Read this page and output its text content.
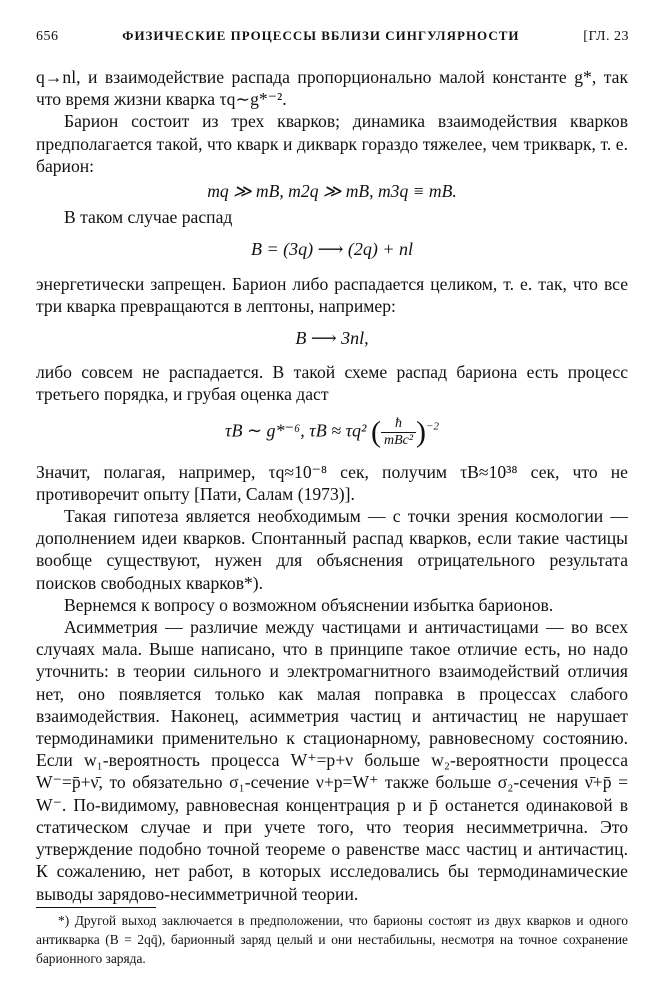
656	ФИЗИЧЕСКИЕ ПРОЦЕССЫ ВБЛИЗИ СИНГУЛЯРНОСТИ	[ГЛ. 23

q→nl, и взаимодействие распада пропорционально малой константе g*, так что время жизни кварка τq∼g*⁻².

Барион состоит из трех кварков; динамика взаимодействия кварков предполагается такой, что кварк и дикварк гораздо тяжелее, чем трикварк, т. е. барион:

mq ≫ mB, m2q ≫ mB, m3q ≡ mB.

В таком случае распад

B = (3q) ⟶ (2q) + nl

энергетически запрещен. Барион либо распадается целиком, т. е. так, что все три кварка превращаются в лептоны, например:

B ⟶ 3nl,

либо совсем не распадается. В такой схеме распад бариона есть процесс третьего порядка, и грубая оценка даст

τB ∼ g*⁻⁶, τB ≈ τq² ( $\frac{ħ}{\text{mBc²}} )^{-2}$

Значит, полагая, например, τq≈10⁻⁸ сек, получим τB≈10³⁸ сек, что не противоречит опыту [Пати, Салам (1973)].

Такая гипотеза является необходимым — с точки зрения космологии — дополнением идеи кварков. Спонтанный распад кварков, если такие частицы вообще существуют, нужен для объяснения отрицательного результата поисков свободных кварков*).

Вернемся к вопросу о возможном объяснении избытка барионов.

Асимметрия — различие между частицами и античастицами — во всех случаях мала. Выше написано, что в принципе такое отличие есть, но надо уточнить: в теории сильного и электромагнитного взаимодействий отличия нет, оно появляется только как малая поправка в процессах слабого взаимодействия. Наконец, асимметрия частиц и античастиц не нарушает термодинамики применительно к стационарному, равновесному состоянию. Если w₁-вероятность процесса W⁺=p+ν больше w₂-вероятности процесса W⁻=p̄+ν̄, то обязательно σ₁-сечение ν+p=W⁺ также больше σ₂-сечения ν̄+p̄ = W⁻. По-видимому, равновесная концентрация p и p̄ останется одинаковой в статическом случае и при учете того, что теория несимметрична. Это утверждение подобно точной теореме о равенстве масс частиц и античастиц. К сожалению, нет работ, в которых исследовались бы термодинамические выводы зарядово-несимметричной теории.

*) Другой выход заключается в предположении, что барионы состоят из двух кварков и одного антикварка (B = 2qq̄), барионный заряд целый и они нестабильны, несмотря на точное сохранение барионного заряда.
